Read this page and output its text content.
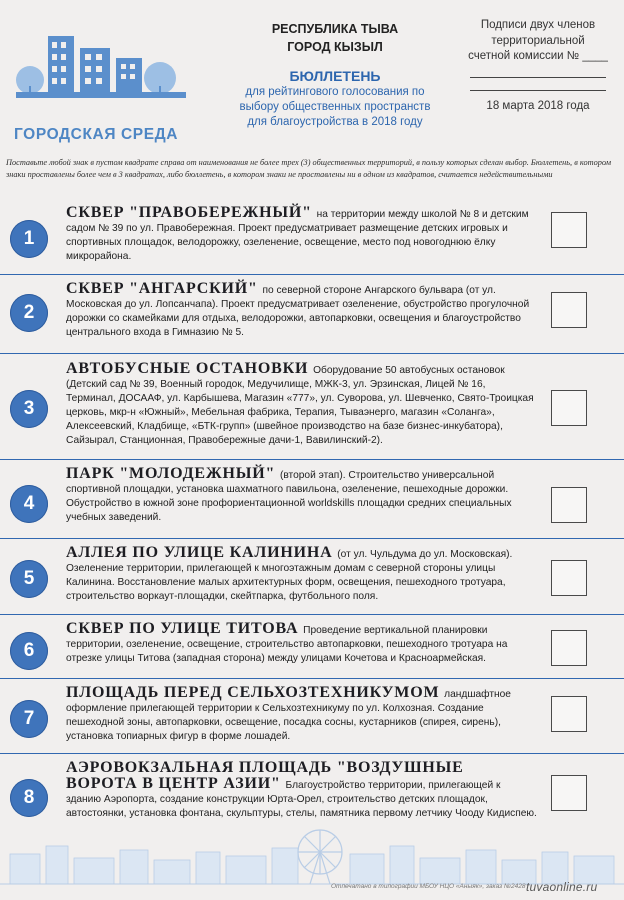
ГОРОДСКАЯ СРЕДА
РЕСПУБЛИКА ТЫВА
ГОРОД КЫЗЫЛ
БЮЛЛЕТЕНЬ
для рейтингового голосования по
выбору общественных пространств
для благоустройства в 2018 году
Подписи двух членов
территориальной
счетной комиссии № ____
18 марта 2018 года
Поставьте любой знак в пустом квадрате справа от наименования не более трех (3) общественных территорий, в пользу которых сделан выбор. Бюллетень, в котором знаки проставлены более чем в 3 квадратах, либо бюллетень, в котором знаки не проставлены ни в одном из квадратов, считается недействительными
1
СКВЕР "ПРАВОБЕРЕЖНЫЙ" на территории между школой № 8 и детским садом № 39 по ул. Правобережная. Проект предусматривает размещение детских игровых и спортивных площадок, велодорожку, озеленение, освещение, место под новогоднюю ёлку микрорайона.
2
СКВЕР "АНГАРСКИЙ" по северной стороне Ангарского бульвара (от ул. Московская до ул. Лопсанчапа). Проект предусматривает озеленение, обустройство прогулочной дорожки со скамейками для отдыха, велодорожки, автопарковки, освещения и благоустройство центрального входа в Гимназию № 5.
3
АВТОБУСНЫЕ ОСТАНОВКИ Оборудование 50 автобусных остановок (Детский сад № 39, Военный городок, Медучилище, МЖК-3, ул. Эрзинская, Лицей № 16, Терминал, ДОСААФ, ул. Карбышева, Магазин «777», ул. Суворова, ул. Шевченко, Свято-Троицкая церковь, мкр-н «Южный», Мебельная фабрика, Терапия, Тываэнерго, магазин «Соланга», Алексеевский, Кладбище, «БТК-групп» (швейное производство на базе бизнес-инкубатора), Сайзырал, Станционная, Правобережные дачи-1, Вавилинский-2).
4
ПАРК "МОЛОДЕЖНЫЙ" (второй этап). Строительство универсальной спортивной площадки, установка шахматного павильона, озеленение, пешеходные дорожки. Обустройство в южной зоне профориентационной worldskills площадки средних специальных учебных заведений.
5
АЛЛЕЯ ПО УЛИЦЕ КАЛИНИНА (от ул. Чульдума до ул. Московская). Озеленение территории, прилегающей к многоэтажным домам с северной стороны улицы Калинина. Восстановление малых архитектурных форм, освещения, пешеходного тротуара, строительство воркаут-площадки, скейтпарка, футбольного поля.
6
СКВЕР ПО УЛИЦЕ ТИТОВА Проведение вертикальной планировки территории, озеленение, освещение, строительство автопарковки, пешеходного тротуара на отрезке улицы Титова (западная сторона) между улицами Кочетова и Красноармейская.
7
ПЛОЩАДЬ ПЕРЕД СЕЛЬХОЗТЕХНИКУМОМ ландшафтное оформление прилегающей территории к Сельхозтехникуму по ул. Колхозная. Создание пешеходной зоны, автопарковки, освещение, посадка сосны, кустарников (спирея, сирень), установка топиарных фигур в форме лошадей.
8
АЭРОВОКЗАЛЬНАЯ ПЛОЩАДЬ "ВОЗДУШНЫЕ ВОРОТА В ЦЕНТР АЗИИ" Благоустройство территории, прилегающей к зданию Аэропорта, создание конструкции Юрта-Орел, строительство детских площадок, автостоянки, установка фонтана, скульптуры, стелы, памятника первому летчику Чооду Кидиспею.
Отпечатано в типографии МБОУ НЦО «Аныяк», заказ №2428 tuvaonline.ru
